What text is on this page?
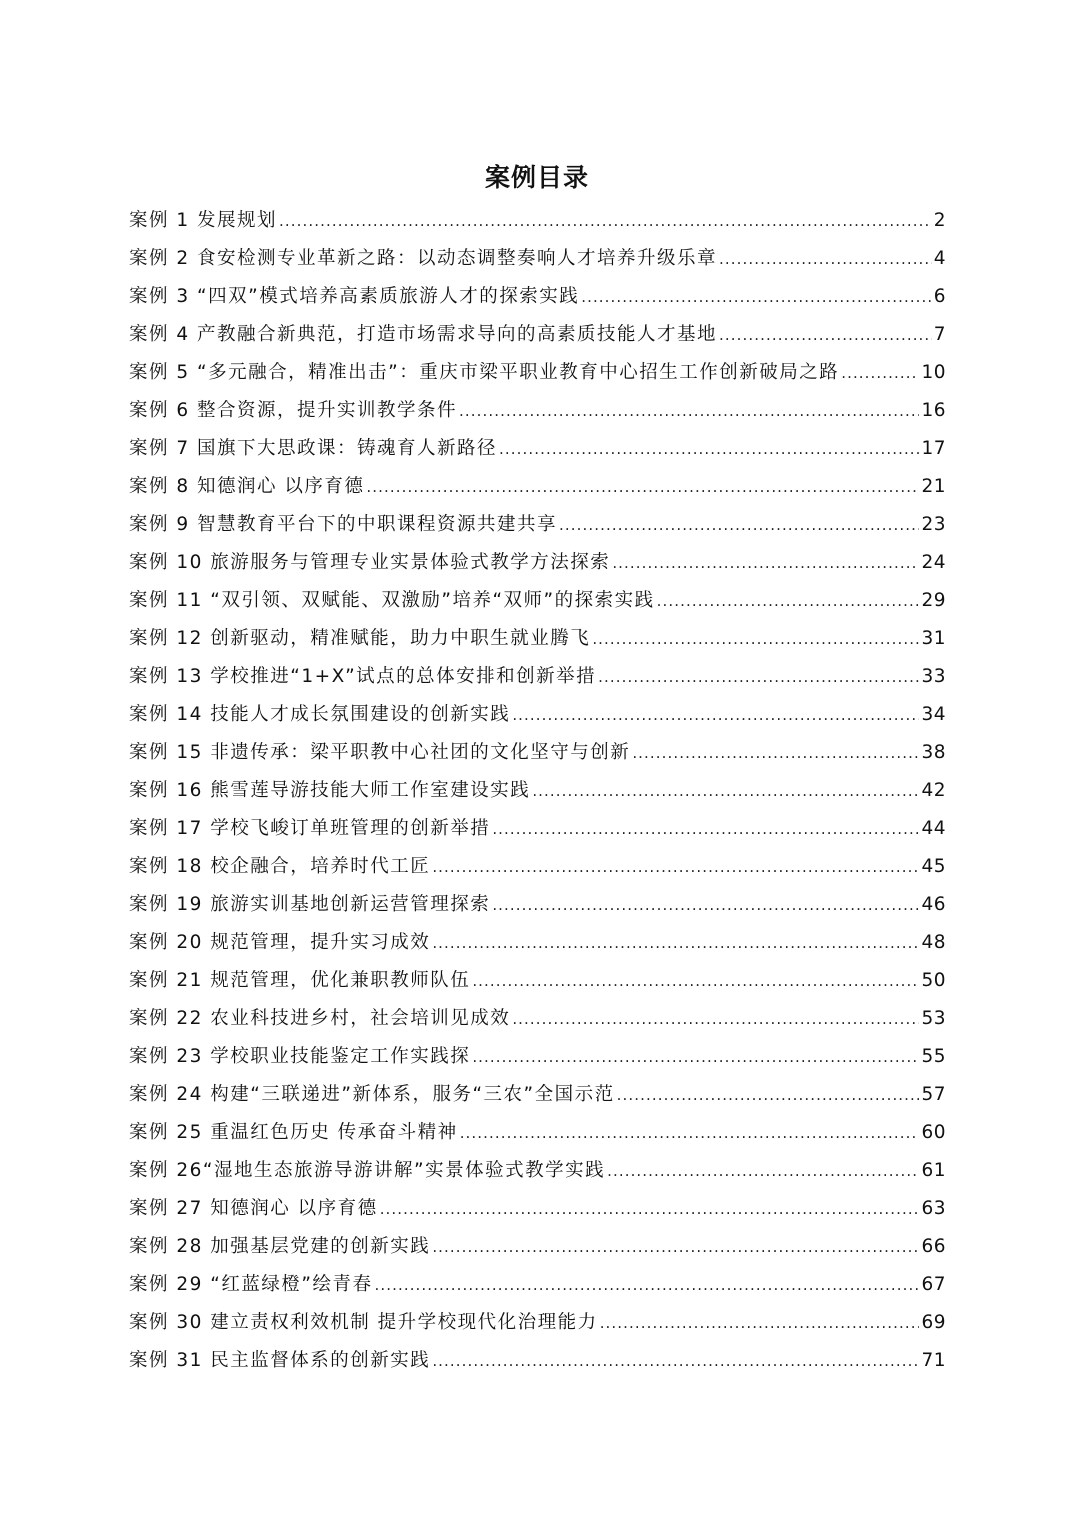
案例目录
案例 1 发展规划 .....	2
案例 2 食安检测专业革新之路：以动态调整奏响人才培养升级乐章 .....	4
案例 3 “四双”模式培养高素质旅游人才的探索实践 .....	6
案例 4 产教融合新典范，打造市场需求导向的高素质技能人才基地 .....	7
案例 5 “多元融合，精准出击”：重庆市梁平职业教育中心招生工作创新破局之路 .....	10
案例 6 整合资源，提升实训教学条件 .....	16
案例 7 国旗下大思政课：铸魂育人新路径 .....	17
案例 8 知德润心 以序育德 .....	21
案例 9 智慧教育平台下的中职课程资源共建共享 .....	23
案例 10 旅游服务与管理专业实景体验式教学方法探索 .....	24
案例 11 “双引领、双赋能、双激励”培养“双师”的探索实践 .....	29
案例 12 创新驱动，精准赋能，助力中职生就业腾飞 .....	31
案例 13 学校推进“1+X”试点的总体安排和创新举措 .....	33
案例 14 技能人才成长氛围建设的创新实践 .....	34
案例 15 非遗传承：梁平职教中心社团的文化坚守与创新 .....	38
案例 16 熊雪莲导游技能大师工作室建设实践 .....	42
案例 17 学校飞峻订单班管理的创新举措 .....	44
案例 18 校企融合，培养时代工匠 .....	45
案例 19 旅游实训基地创新运营管理探索 .....	46
案例 20 规范管理，提升实习成效 .....	48
案例 21 规范管理，优化兼职教师队伍 .....	50
案例 22 农业科技进乡村，社会培训见成效 .....	53
案例 23 学校职业技能鉴定工作实践探 .....	55
案例 24 构建“三联递进”新体系，服务“三农”全国示范 .....	57
案例 25 重温红色历史 传承奋斗精神 .....	60
案例 26“湿地生态旅游导游讲解”实景体验式教学实践 .....	61
案例 27 知德润心 以序育德 .....	63
案例 28 加强基层党建的创新实践 .....	66
案例 29 “红蓝绿橙”绘青春 .....	67
案例 30 建立责权利效机制 提升学校现代化治理能力 .....	69
案例 31 民主监督体系的创新实践 .....	71
